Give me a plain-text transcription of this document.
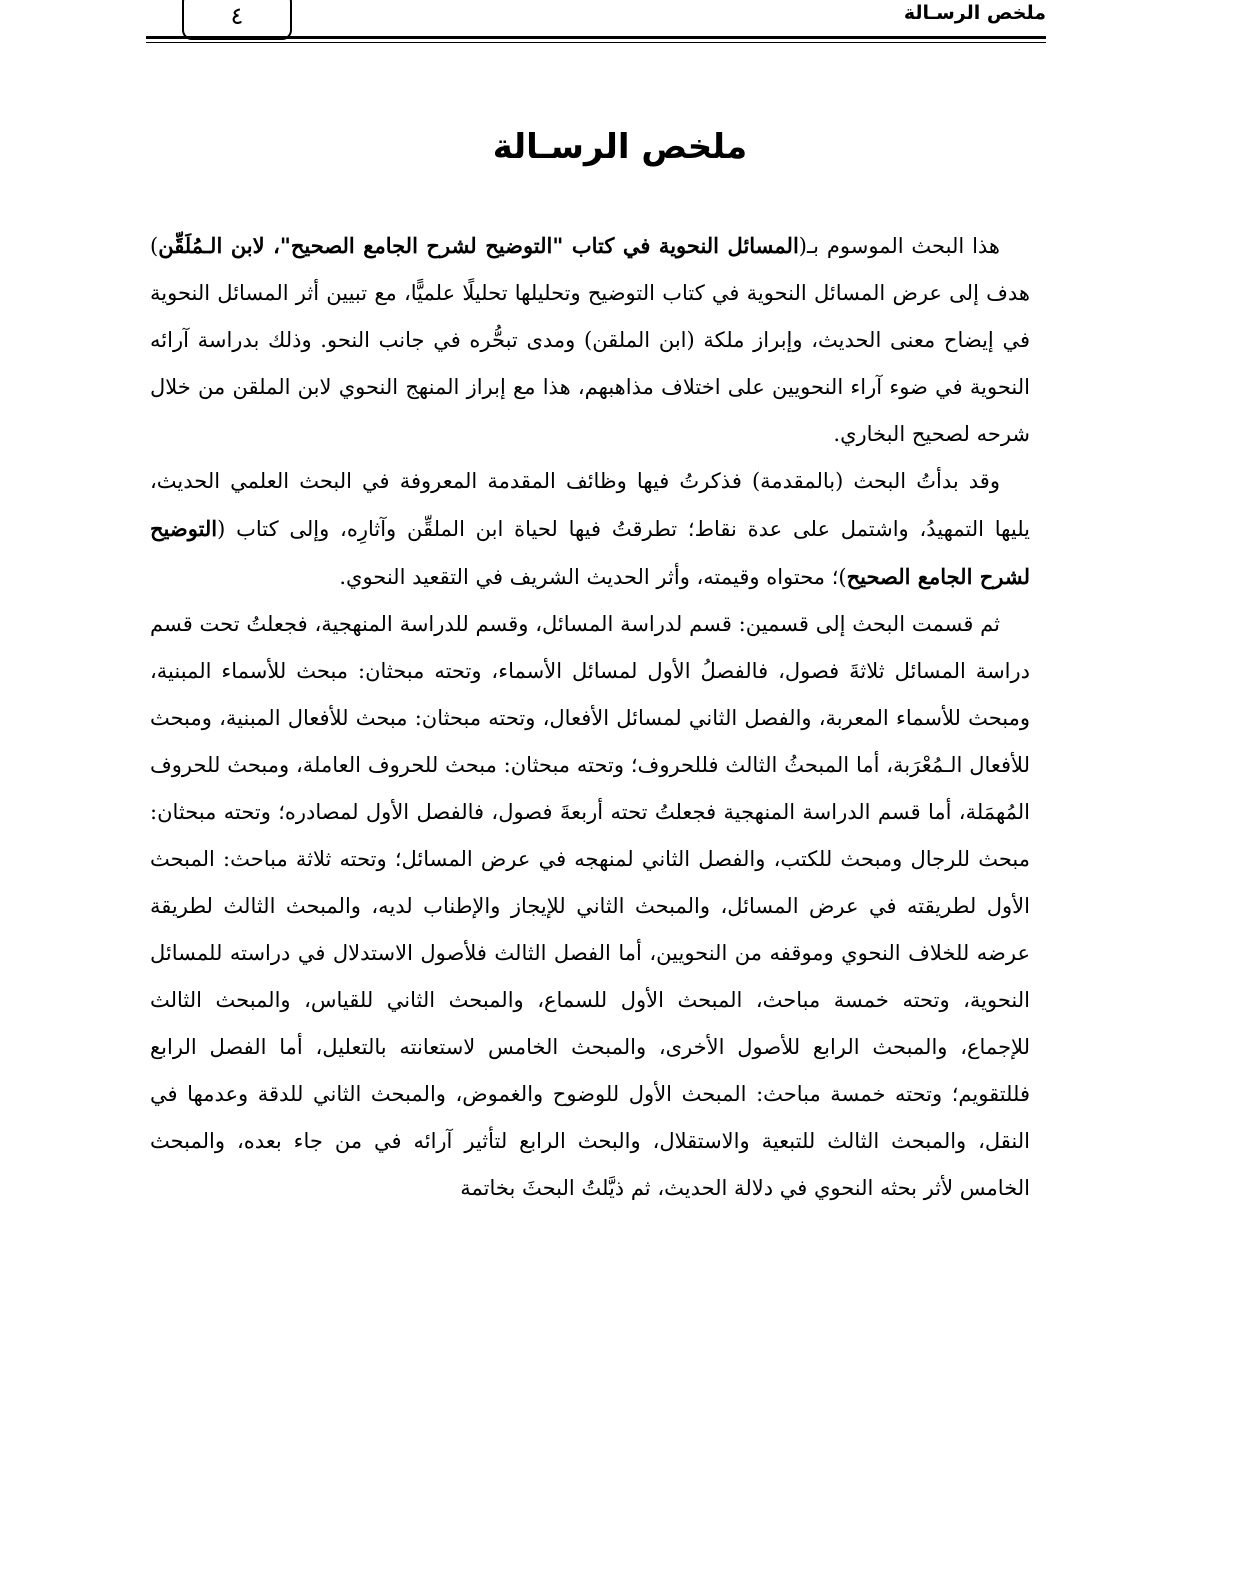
٤	ملخص الرسـالة
ملخص الرسـالة

هذا البحث الموسوم بـ(المسائل النحوية في كتاب "التوضيح لشرح الجامع الصحيح"، لابن الـمُلَقِّن) هدف إلى عرض المسائل النحوية في كتاب التوضيح وتحليلها تحليلًا علميًّا، مع تبيين أثر المسائل النحوية في إيضاح معنى الحديث، وإبراز ملكة (ابن الملقن) ومدى تبحُّره في جانب النحو. وذلك بدراسة آرائه النحوية في ضوء آراء النحويين على اختلاف مذاهبهم، هذا مع إبراز المنهج النحوي لابن الملقن من خلال شرحه لصحيح البخاري.

وقد بدأتُ البحث (بالمقدمة) فذكرتُ فيها وظائف المقدمة المعروفة في البحث العلمي الحديث، يليها التمهيدُ، واشتمل على عدة نقاط؛ تطرقتُ فيها لحياة ابن الملقِّن وآثارِه، وإلى كتاب (التوضيح لشرح الجامع الصحيح)؛ محتواه وقيمته، وأثر الحديث الشريف في التقعيد النحوي.

ثم قسمت البحث إلى قسمين: قسم لدراسة المسائل، وقسم للدراسة المنهجية، فجعلتُ تحت قسم دراسة المسائل ثلاثةَ فصول، فالفصلُ الأول لمسائل الأسماء، وتحته مبحثان: مبحث للأسماء المبنية، ومبحث للأسماء المعربة، والفصل الثاني لمسائل الأفعال، وتحته مبحثان: مبحث للأفعال المبنية، ومبحث للأفعال الـمُعْرَبة، أما المبحثُ الثالث فللحروف؛ وتحته مبحثان: مبحث للحروف العاملة، ومبحث للحروف المُهمَلة، أما قسم الدراسة المنهجية فجعلتُ تحته أربعةَ فصول، فالفصل الأول لمصادره؛ وتحته مبحثان: مبحث للرجال ومبحث للكتب، والفصل الثاني لمنهجه في عرض المسائل؛ وتحته ثلاثة مباحث: المبحث الأول لطريقته في عرض المسائل، والمبحث الثاني للإيجاز والإطناب لديه، والمبحث الثالث لطريقة عرضه للخلاف النحوي وموقفه من النحويين، أما الفصل الثالث فلأصول الاستدلال في دراسته للمسائل النحوية، وتحته خمسة مباحث، المبحث الأول للسماع، والمبحث الثاني للقياس، والمبحث الثالث للإجماع، والمبحث الرابع للأصول الأخرى، والمبحث الخامس لاستعانته بالتعليل، أما الفصل الرابع فللتقويم؛ وتحته خمسة مباحث: المبحث الأول للوضوح والغموض، والمبحث الثاني للدقة وعدمها في النقل، والمبحث الثالث للتبعية والاستقلال، والبحث الرابع لتأثير آرائه في من جاء بعده، والمبحث الخامس لأثر بحثه النحوي في دلالة الحديث، ثم ذيَّلتُ البحثَ بخاتمة
